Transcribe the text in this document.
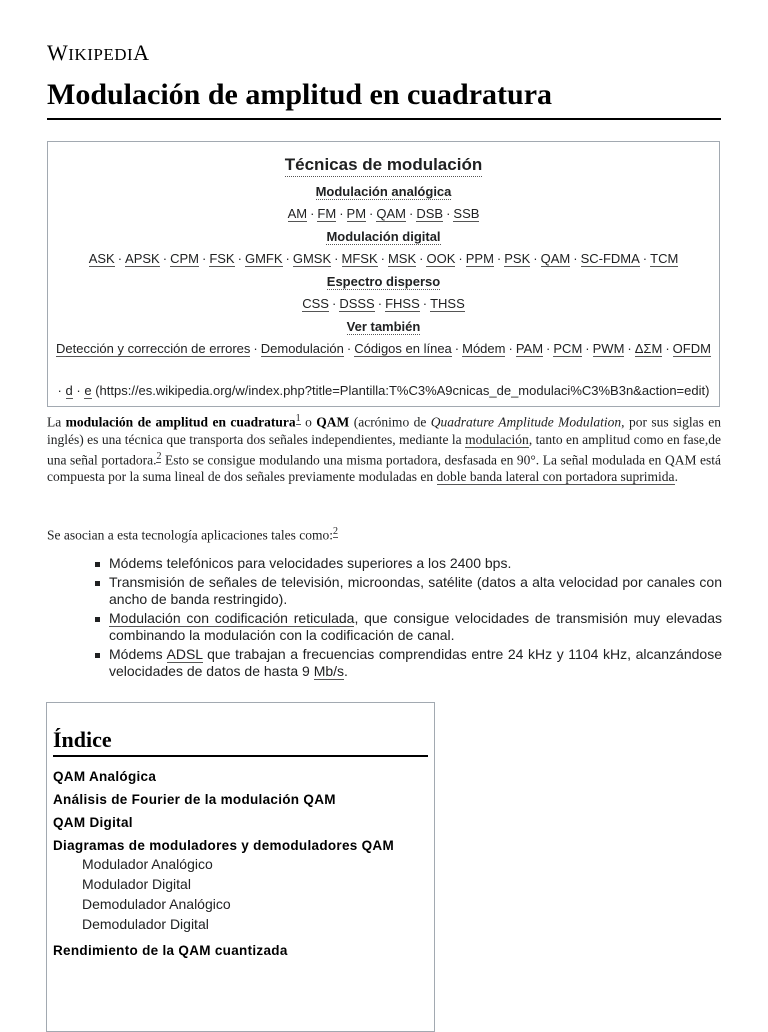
WIKIPEDIA
Modulación de amplitud en cuadratura
Técnicas de modulación
Modulación analógica
AM · FM · PM · QAM · DSB · SSB
Modulación digital
ASK · APSK · CPM · FSK · GMFK · GMSK · MFSK · MSK · OOK · PPM · PSK · QAM · SC-FDMA · TCM
Espectro disperso
CSS · DSSS · FHSS · THSS
Ver también
Detección y corrección de errores · Demodulación · Códigos en línea · Módem · PAM · PCM · PWM · ΔΣM · OFDM
· d · e (https://es.wikipedia.org/w/index.php?title=Plantilla:T%C3%A9cnicas_de_modulaci%C3%B3n&action=edit)

La modulación de amplitud en cuadratura$^1$ o QAM (acrónimo de Quadrature Amplitude Modulation, por sus siglas en inglés) es una técnica que transporta dos señales independientes, mediante la modulación, tanto en amplitud como en fase,de una señal portadora.$^2$ Esto se consigue modulando una misma portadora, desfasada en 90°. La señal modulada en QAM está compuesta por la suma lineal de dos señales previamente moduladas en doble banda lateral con portadora suprimida.

Se asocian a esta tecnología aplicaciones tales como:$^2$

Módems telefónicos para velocidades superiores a los 2400 bps.
Transmisión de señales de televisión, microondas, satélite (datos a alta velocidad por canales con ancho de banda restringido).
Modulación con codificación reticulada, que consigue velocidades de transmisión muy elevadas combinando la modulación con la codificación de canal.
Módems ADSL que trabajan a frecuencias comprendidas entre 24 kHz y 1104 kHz, alcanzándose velocidades de datos de hasta 9 Mb/s.
Índice
QAM Analógica
Análisis de Fourier de la modulación QAM
QAM Digital
Diagramas de moduladores y demoduladores QAM
Modulador Analógico
Modulador Digital
Demodulador Analógico
Demodulador Digital
Rendimiento de la QAM cuantizada
